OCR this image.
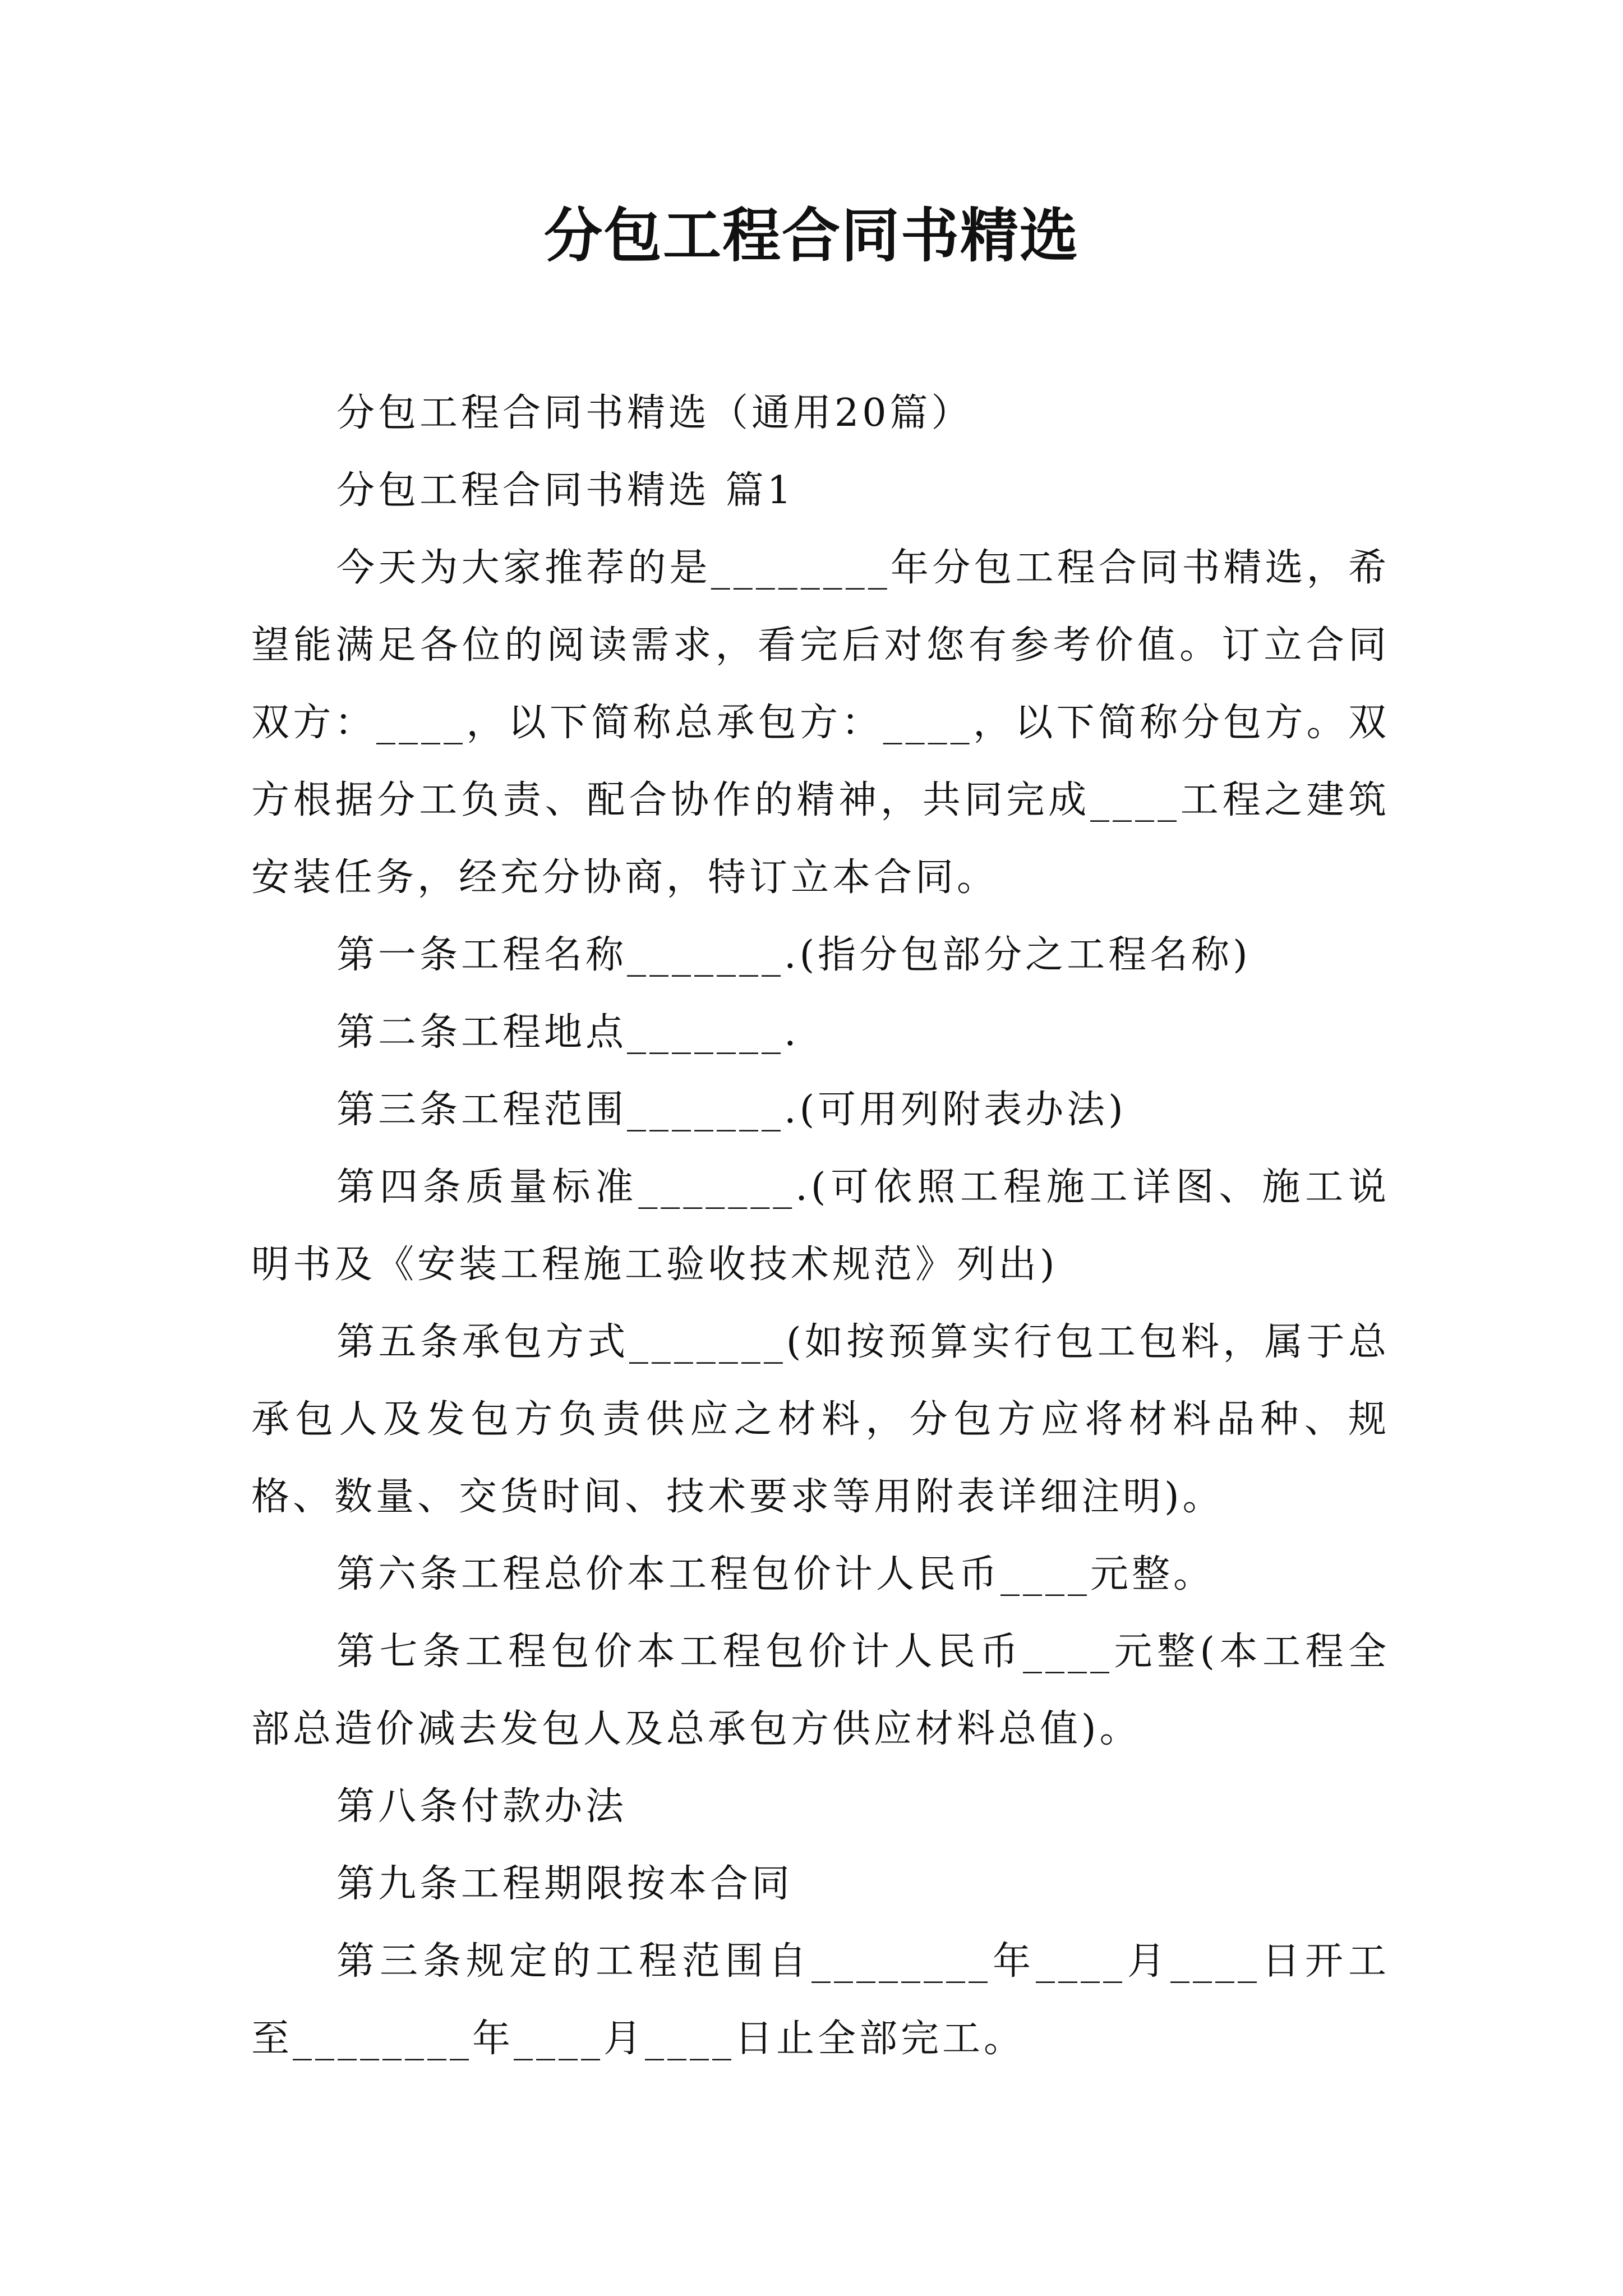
分包工程合同书精选

分包工程合同书精选（通用20篇）

分包工程合同书精选 篇1

今天为大家推荐的是________年分包工程合同书精选，希望能满足各位的阅读需求，看完后对您有参考价值。订立合同双方：____，以下简称总承包方：____，以下简称分包方。双方根据分工负责、配合协作的精神，共同完成____工程之建筑安装任务，经充分协商，特订立本合同。

第一条工程名称_______.(指分包部分之工程名称)

第二条工程地点_______.

第三条工程范围_______.(可用列附表办法)

第四条质量标准_______.(可依照工程施工详图、施工说明书及《安装工程施工验收技术规范》列出)

第五条承包方式_______(如按预算实行包工包料，属于总承包人及发包方负责供应之材料，分包方应将材料品种、规格、数量、交货时间、技术要求等用附表详细注明)。

第六条工程总价本工程包价计人民币____元整。

第七条工程包价本工程包价计人民币____元整(本工程全部总造价减去发包人及总承包方供应材料总值)。

第八条付款办法

第九条工程期限按本合同

第三条规定的工程范围自________年____月____日开工至________年____月____日止全部完工。
